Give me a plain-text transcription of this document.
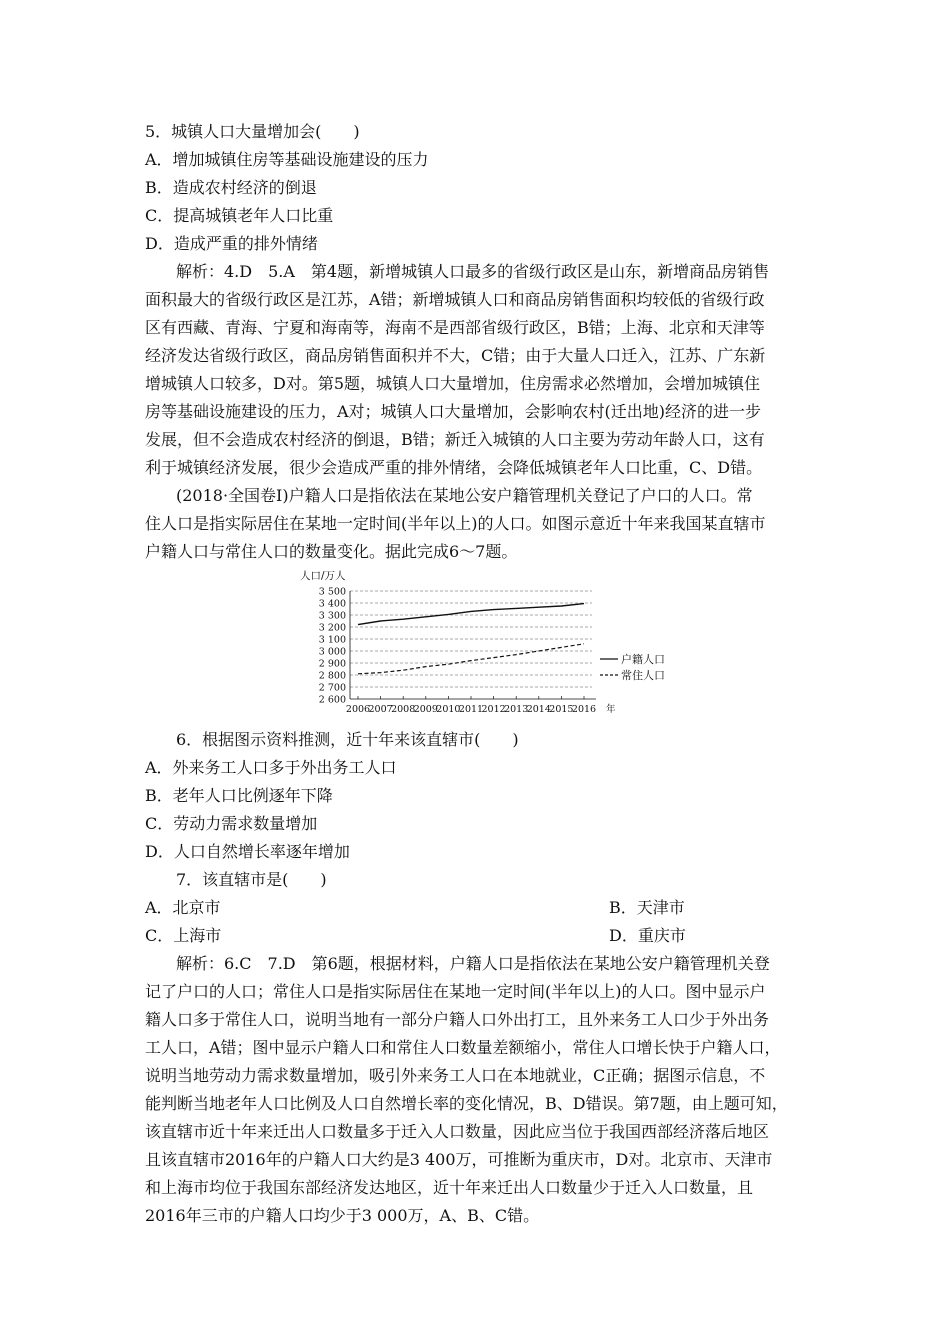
5．城镇人口大量增加会(　　)
A．增加城镇住房等基础设施建设的压力
B．造成农村经济的倒退
C．提高城镇老年人口比重
D．造成严重的排外情绪
解析：4.D　5.A　第4题，新增城镇人口最多的省级行政区是山东，新增商品房销售
面积最大的省级行政区是江苏，A错；新增城镇人口和商品房销售面积均较低的省级行政
区有西藏、青海、宁夏和海南等，海南不是西部省级行政区，B错；上海、北京和天津等
经济发达省级行政区，商品房销售面积并不大，C错；由于大量人口迁入，江苏、广东新
增城镇人口较多，D对。第5题，城镇人口大量增加，住房需求必然增加，会增加城镇住
房等基础设施建设的压力，A对；城镇人口大量增加，会影响农村(迁出地)经济的进一步
发展，但不会造成农村经济的倒退，B错；新迁入城镇的人口主要为劳动年龄人口，这有
利于城镇经济发展，很少会造成严重的排外情绪，会降低城镇老年人口比重，C、D错。
(2018·全国卷Ⅰ)户籍人口是指依法在某地公安户籍管理机关登记了户口的人口。常
住人口是指实际居住在某地一定时间(半年以上)的人口。如图示意近十年来我国某直辖市
户籍人口与常住人口的数量变化。据此完成6～7题。
人口/万人
3 500
3 400
3 300
3 200
3 100
3 000
2 900
2 800
2 700
2 600
2006
2007
2008
2009
2010
2011
2012
2013
2014
2015
2016 年
户籍人口
常住人口
6．根据图示资料推测，近十年来该直辖市(　　)
A．外来务工人口多于外出务工人口
B．老年人口比例逐年下降
C．劳动力需求数量增加
D．人口自然增长率逐年增加
7．该直辖市是(　　)
A．北京市	B．天津市
C．上海市	D．重庆市
解析：6.C　7.D　第6题，根据材料，户籍人口是指依法在某地公安户籍管理机关登
记了户口的人口；常住人口是指实际居住在某地一定时间(半年以上)的人口。图中显示户
籍人口多于常住人口，说明当地有一部分户籍人口外出打工，且外来务工人口少于外出务
工人口，A错；图中显示户籍人口和常住人口数量差额缩小，常住人口增长快于户籍人口，
说明当地劳动力需求数量增加，吸引外来务工人口在本地就业，C正确；据图示信息，不
能判断当地老年人口比例及人口自然增长率的变化情况，B、D错误。第7题，由上题可知，
该直辖市近十年来迁出人口数量多于迁入人口数量，因此应当位于我国西部经济落后地区
且该直辖市2016年的户籍人口大约是3 400万，可推断为重庆市，D对。北京市、天津市
和上海市均位于我国东部经济发达地区，近十年来迁出人口数量少于迁入人口数量，且
2016年三市的户籍人口均少于3 000万，A、B、C错。
